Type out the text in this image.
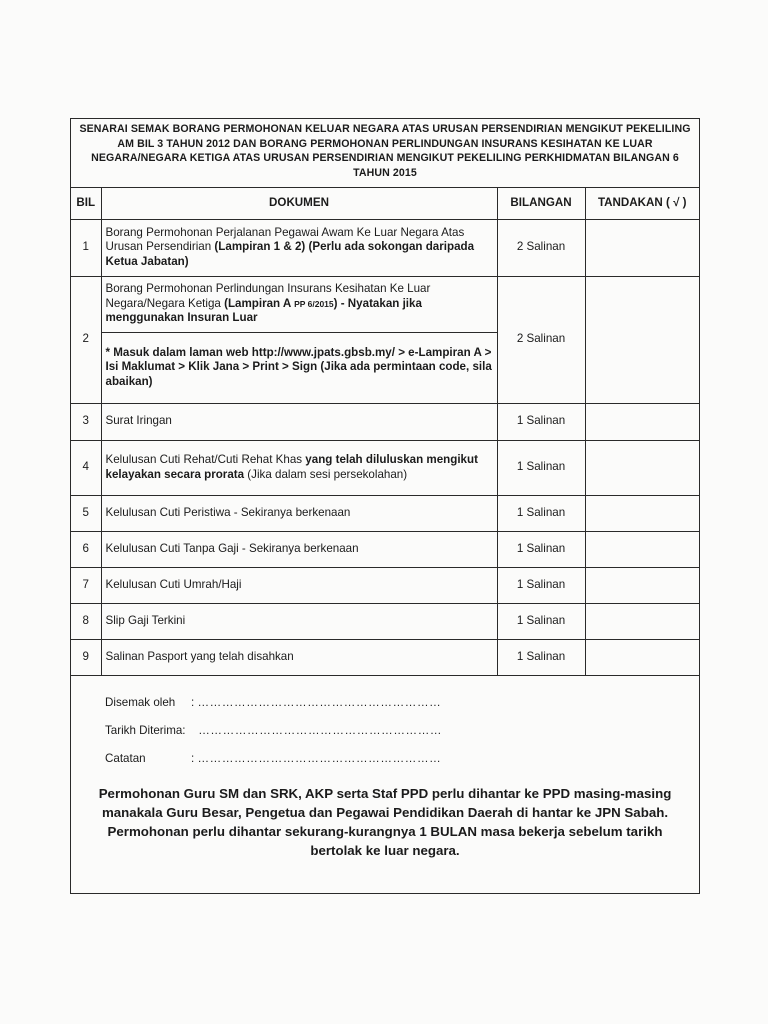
SENARAI SEMAK BORANG PERMOHONAN KELUAR NEGARA ATAS URUSAN PERSENDIRIAN MENGIKUT PEKELILING AM BIL 3 TAHUN 2012 DAN BORANG PERMOHONAN PERLINDUNGAN INSURANS KESIHATAN KE LUAR NEGARA/NEGARA KETIGA ATAS URUSAN PERSENDIRIAN MENGIKUT PEKELILING PERKHIDMATAN BILANGAN 6 TAHUN 2015
BIL	DOKUMEN	BILANGAN	TANDAKAN ( √ )
1	Borang Permohonan Perjalanan Pegawai Awam Ke Luar Negara Atas Urusan Persendirian (Lampiran 1 & 2) (Perlu ada sokongan daripada Ketua Jabatan)	2 Salinan	
2	Borang Permohonan Perlindungan Insurans Kesihatan Ke Luar Negara/Negara Ketiga (Lampiran A PP 6/2015) - Nyatakan jika menggunakan Insuran Luar	2 Salinan	
	* Masuk dalam laman web http://www.jpats.gbsb.my/ > e-Lampiran A > Isi Maklumat > Klik Jana > Print > Sign (Jika ada permintaan code, sila abaikan)		
3	Surat Iringan	1 Salinan	
4	Kelulusan Cuti Rehat/Cuti Rehat Khas yang telah diluluskan mengikut kelayakan secara prorata (Jika dalam sesi persekolahan)	1 Salinan	
5	Kelulusan Cuti Peristiwa - Sekiranya berkenaan	1 Salinan	
6	Kelulusan Cuti Tanpa Gaji - Sekiranya berkenaan	1 Salinan	
7	Kelulusan Cuti Umrah/Haji	1 Salinan	
8	Slip Gaji Terkini	1 Salinan	
9	Salinan Pasport yang telah disahkan	1 Salinan	
Disemak oleh : ……………………………………………………
Tarikh Diterima: ……………………………………………………
Catatan	: ……………………………………………………
Permohonan Guru SM dan SRK, AKP serta Staf PPD perlu dihantar ke PPD masing-masing manakala Guru Besar, Pengetua dan Pegawai Pendidikan Daerah di hantar ke JPN Sabah. Permohonan perlu dihantar sekurang-kurangnya 1 BULAN masa bekerja sebelum tarikh bertolak ke luar negara.
